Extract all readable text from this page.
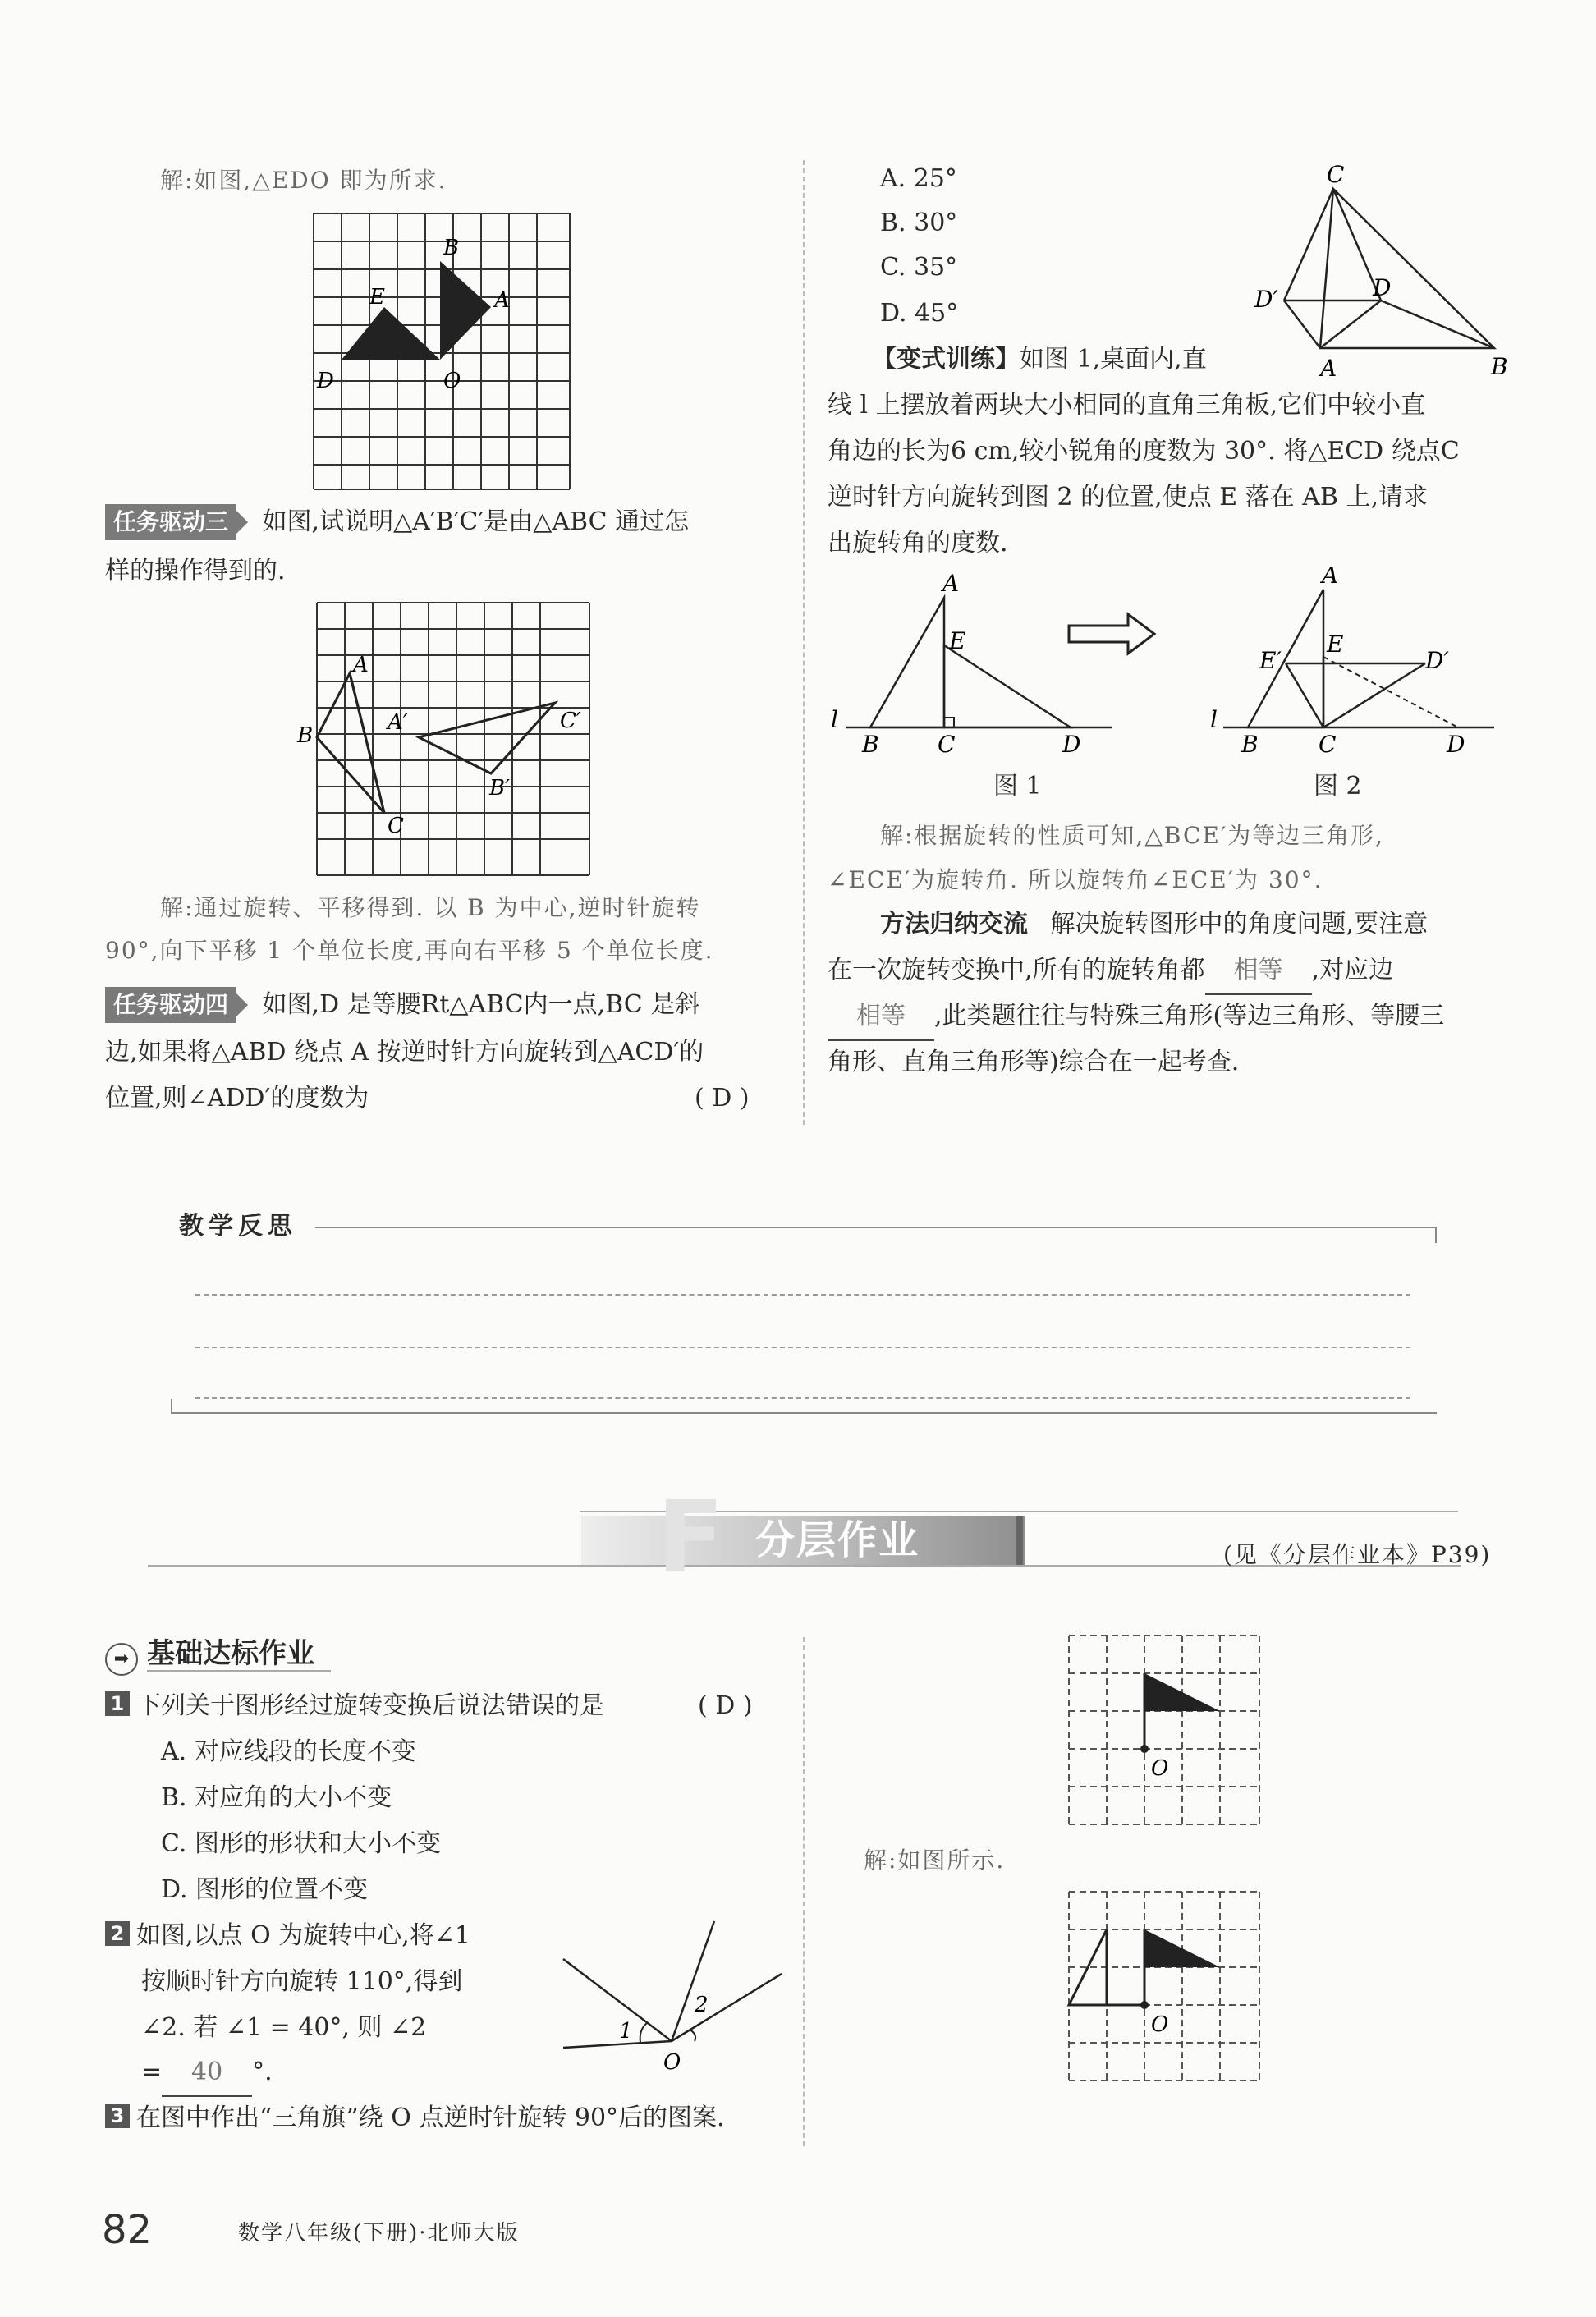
解:如图,△EDO 即为所求.
B
E	A
D	O
任务驱动三 如图,试说明△A′B′C′是由△ABC 通过怎
样的操作得到的.
A
B
C
A′
B′
C′
解:通过旋转、平移得到. 以 B 为中心,逆时针旋转
90°,向下平移 1 个单位长度,再向右平移 5 个单位长度.
任务驱动四 如图,D 是等腰Rt△ABC内一点,BC 是斜
边,如果将△ABD 绕点 A 按逆时针方向旋转到△ACD′的
位置,则∠ADD′的度数为	( D )
A. 25°
B. 30°
C. 35°
D. 45°
C
D′	D
A	B
【变式训练】如图 1,桌面内,直
线 l 上摆放着两块大小相同的直角三角板,它们中较小直
角边的长为6 cm,较小锐角的度数为 30°. 将△ECD 绕点C
逆时针方向旋转到图 2 的位置,使点 E 落在 AB 上,请求
出旋转角的度数.
A
E
l
B	C	D
图 1
A
E
E′	D′
l
B	C	D
图 2
解:根据旋转的性质可知,△BCE′为等边三角形,
∠ECE′为旋转角. 所以旋转角∠ECE′为 30°.
方法归纳交流 解决旋转图形中的角度问题,要注意
在一次旋转变换中,所有的旋转角都 相等 ,对应边
相等 ,此类题往往与特殊三角形(等边三角形、等腰三
角形、直角三角形等)综合在一起考查.
教学反思
F 分层作业	(见《分层作业本》P39)
➡ 基础达标作业
1 下列关于图形经过旋转变换后说法错误的是	( D )
A. 对应线段的长度不变
B. 对应角的大小不变
C. 图形的形状和大小不变
D. 图形的位置不变
2 如图,以点 O 为旋转中心,将∠1
按顺时针方向旋转 110°,得到
∠2. 若 ∠1 = 40°, 则 ∠2
= 40 °.
1
2
O
3 在图中作出“三角旗”绕 O 点逆时针旋转 90°后的图案.
O
解:如图所示.
O
82	数学八年级(下册)·北师大版
